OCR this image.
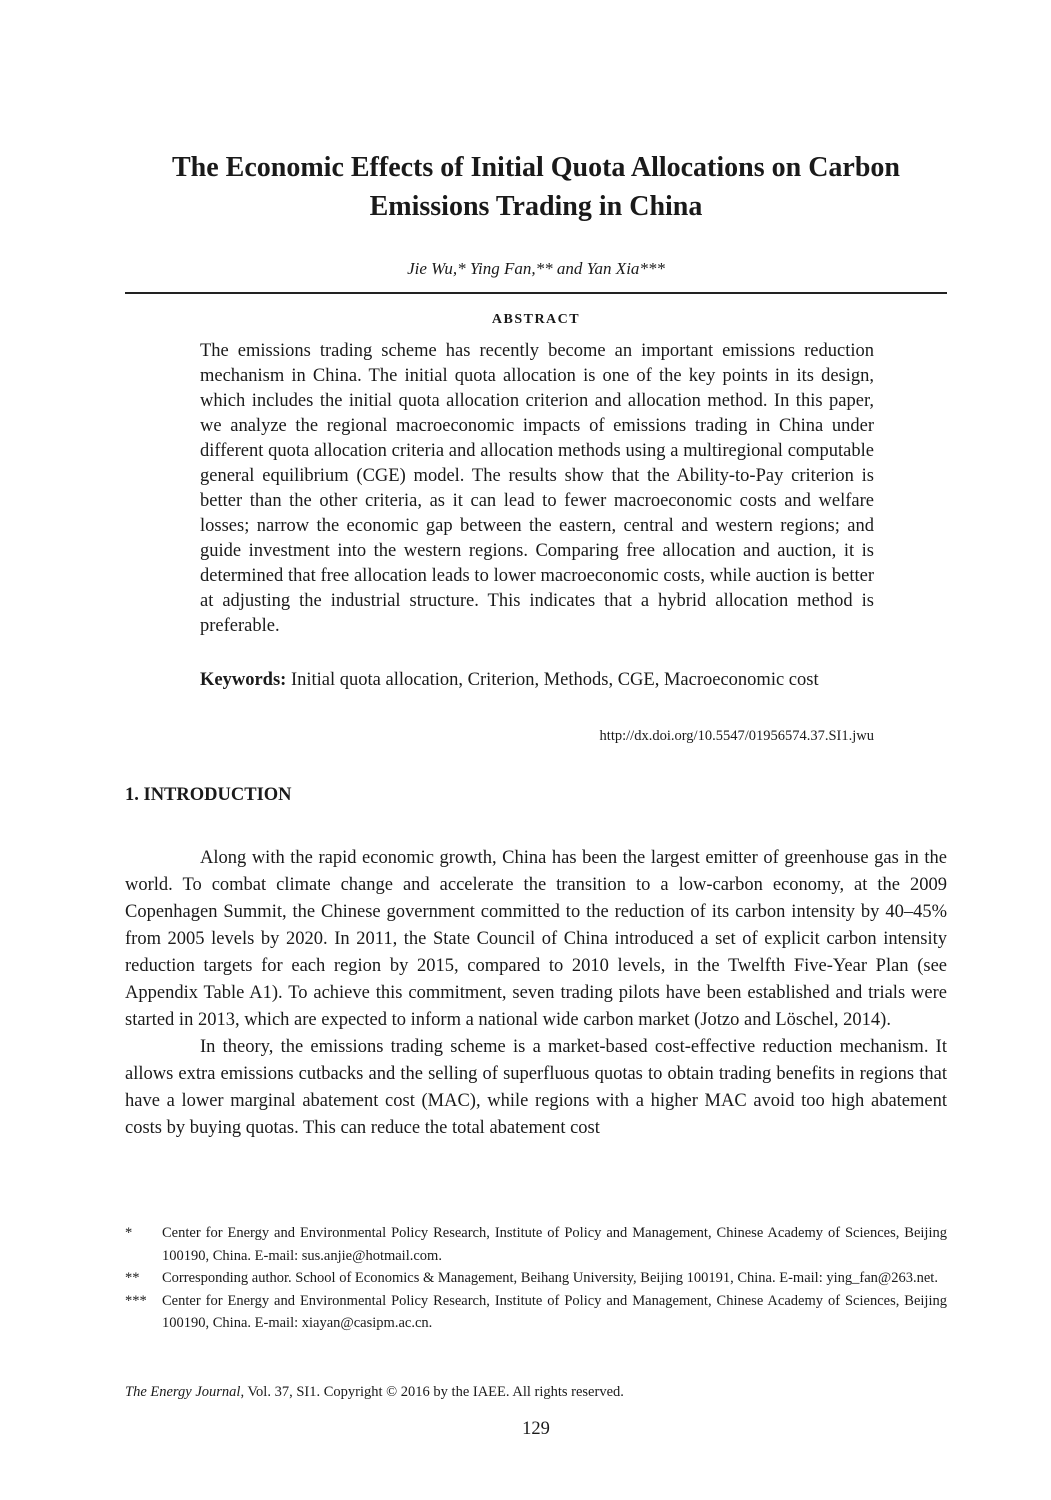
The Economic Effects of Initial Quota Allocations on Carbon
Emissions Trading in China
Jie Wu,* Ying Fan,** and Yan Xia***
ABSTRACT

The emissions trading scheme has recently become an important emissions reduction mechanism in China. The initial quota allocation is one of the key points in its design, which includes the initial quota allocation criterion and allocation method. In this paper, we analyze the regional macroeconomic impacts of emissions trading in China under different quota allocation criteria and allocation methods using a multiregional computable general equilibrium (CGE) model. The results show that the Ability-to-Pay criterion is better than the other criteria, as it can lead to fewer macroeconomic costs and welfare losses; narrow the economic gap between the eastern, central and western regions; and guide investment into the western regions. Comparing free allocation and auction, it is determined that free allocation leads to lower macroeconomic costs, while auction is better at adjusting the industrial structure. This indicates that a hybrid allocation method is preferable.

Keywords: Initial quota allocation, Criterion, Methods, CGE, Macroeconomic cost

http://dx.doi.org/10.5547/01956574.37.SI1.jwu
1. INTRODUCTION

Along with the rapid economic growth, China has been the largest emitter of greenhouse gas in the world. To combat climate change and accelerate the transition to a low-carbon economy, at the 2009 Copenhagen Summit, the Chinese government committed to the reduction of its carbon intensity by 40–45% from 2005 levels by 2020. In 2011, the State Council of China introduced a set of explicit carbon intensity reduction targets for each region by 2015, compared to 2010 levels, in the Twelfth Five-Year Plan (see Appendix Table A1). To achieve this commitment, seven trading pilots have been established and trials were started in 2013, which are expected to inform a national wide carbon market (Jotzo and Löschel, 2014).

In theory, the emissions trading scheme is a market-based cost-effective reduction mechanism. It allows extra emissions cutbacks and the selling of superfluous quotas to obtain trading benefits in regions that have a lower marginal abatement cost (MAC), while regions with a higher MAC avoid too high abatement costs by buying quotas. This can reduce the total abatement cost

*	Center for Energy and Environmental Policy Research, Institute of Policy and Management, Chinese Academy of Sciences, Beijing 100190, China. E-mail: sus.anjie@hotmail.com.
**	Corresponding author. School of Economics & Management, Beihang University, Beijing 100191, China. E-mail: ying_fan@263.net.
***	Center for Energy and Environmental Policy Research, Institute of Policy and Management, Chinese Academy of Sciences, Beijing 100190, China. E-mail: xiayan@casipm.ac.cn.
The Energy Journal, Vol. 37, SI1. Copyright © 2016 by the IAEE. All rights reserved.
129
